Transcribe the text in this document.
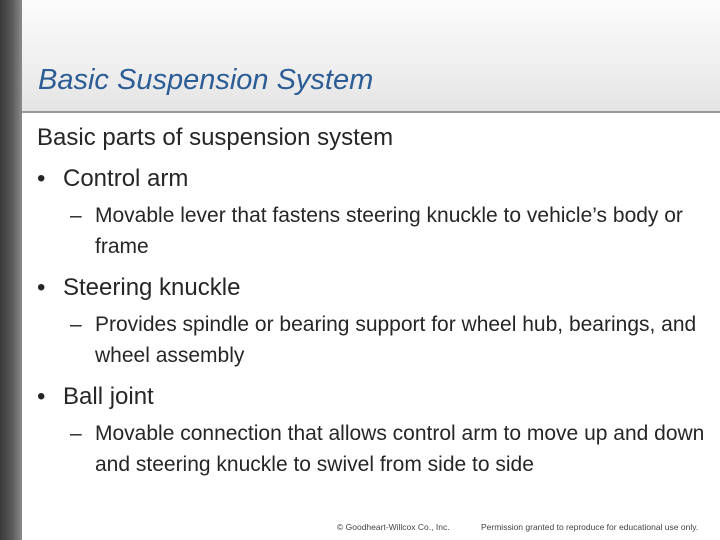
Basic Suspension System

Basic parts of suspension system

• Control arm
– Movable lever that fastens steering knuckle to vehicle’s body or frame
• Steering knuckle
– Provides spindle or bearing support for wheel hub, bearings, and wheel assembly
• Ball joint
– Movable connection that allows control arm to move up and down and steering knuckle to swivel from side to side
© Goodheart-Willcox Co., Inc.	Permission granted to reproduce for educational use only.
